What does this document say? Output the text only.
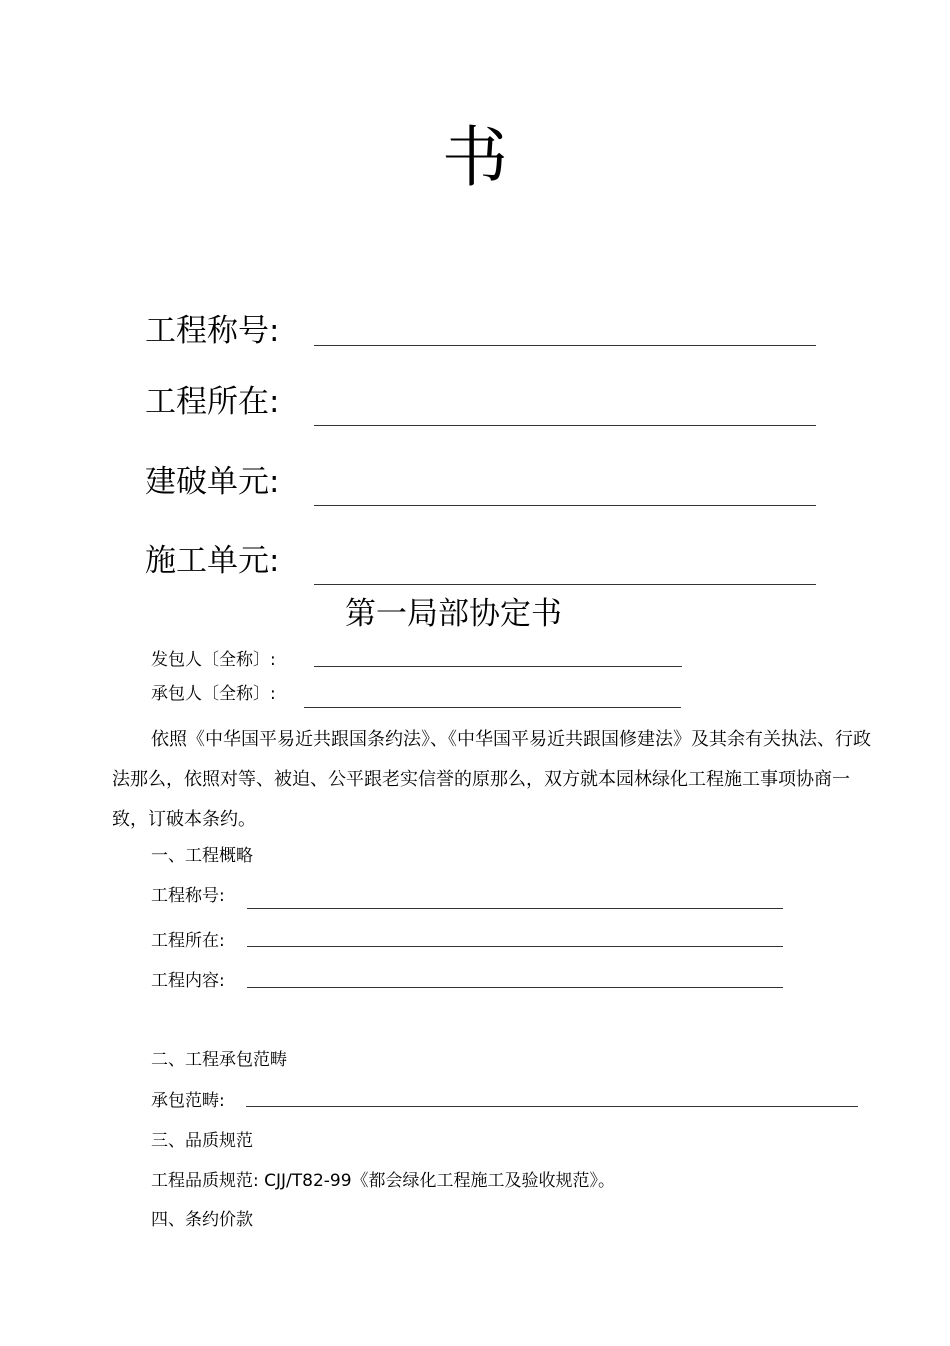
书
工程称号:
工程所在:
建破单元:
施工单元:
第一局部协定书
发包人〔全称〕:
承包人〔全称〕:
依照《中华国平易近共跟国条约法》、《中华国平易近共跟国修建法》及其余有关执法、行政
法那么，依照对等、被迫、公平跟老实信誉的原那么，双方就本园林绿化工程施工事项协商一
致，订破本条约。
一、工程概略
工程称号:
工程所在:
工程内容:
二、工程承包范畴
承包范畴:
三、品质规范
工程品质规范: CJJ/T82-99《都会绿化工程施工及验收规范》。
四、条约价款
